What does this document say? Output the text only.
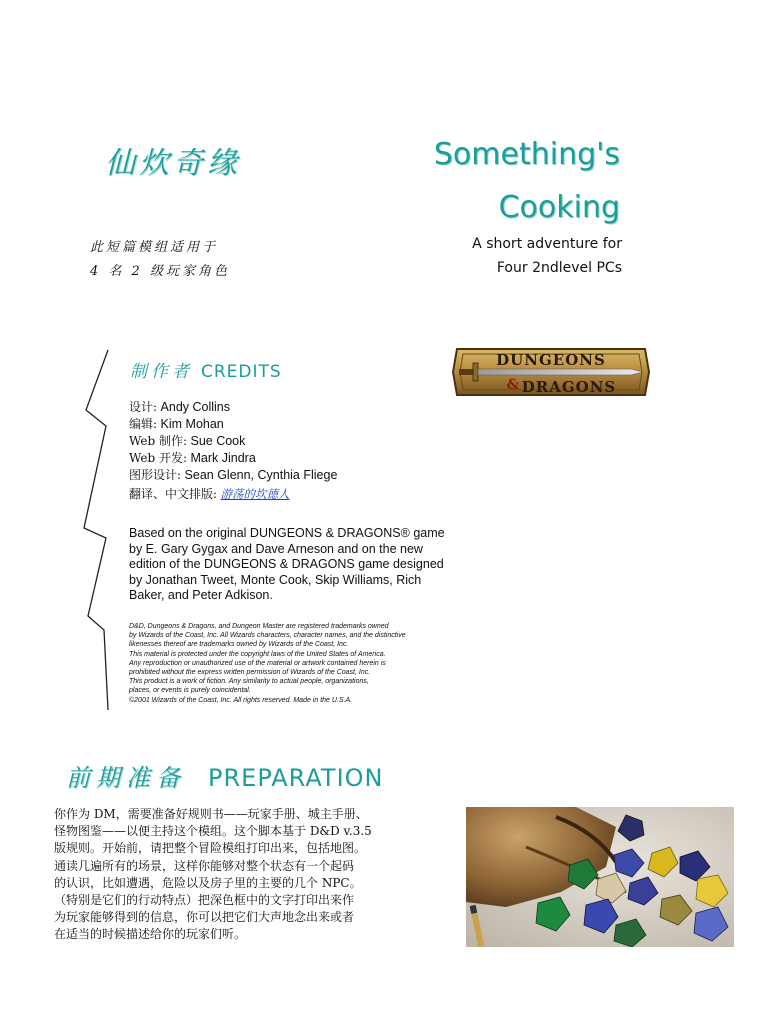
仙炊奇缘	Something's
Cooking
此短篇模组适用于
4 名 2 级玩家角色
A short adventure for
Four 2ndlevel PCs
制作者 CREDITS
DUNGEONS
& DRAGONS
设计: Andy Collins
编辑: Kim Mohan
Web 制作: Sue Cook
Web 开发: Mark Jindra
图形设计: Sean Glenn, Cynthia Fliege
翻译、中文排版: 游荡的坎德人
Based on the original DUNGEONS & DRAGONS® game by E. Gary Gygax and Dave Arneson and on the new edition of the DUNGEONS & DRAGONS game designed by Jonathan Tweet, Monte Cook, Skip Williams, Rich Baker, and Peter Adkison.
D&D, Dungeons & Dragons, and Dungeon Master are registered trademarks owned
by Wizards of the Coast, Inc. All Wizards characters, character names, and the distinctive
likenesses thereof are trademarks owned by Wizards of the Coast, Inc.
This material is protected under the copyright laws of the United States of America.
Any reproduction or unauthorized use of the material or artwork contained herein is
prohibited without the express written permission of Wizards of the Coast, Inc.
This product is a work of fiction. Any similarity to actual people, organizations,
places, or events is purely coincidental.
©2001 Wizards of the Coast, Inc. All rights reserved. Made in the U.S.A.
前期准备 PREPARATION
你作为 DM，需要准备好规则书——玩家手册、城主手册、
怪物图鉴——以便主持这个模组。这个脚本基于 D&D v.3.5
版规则。开始前，请把整个冒险模组打印出来，包括地图。
通读几遍所有的场景，这样你能够对整个状态有一个起码
的认识，比如遭遇，危险以及房子里的主要的几个 NPC。
（特别是它们的行动特点）把深色框中的文字打印出来作
为玩家能够得到的信息，你可以把它们大声地念出来或者
在适当的时候描述给你的玩家们听。
